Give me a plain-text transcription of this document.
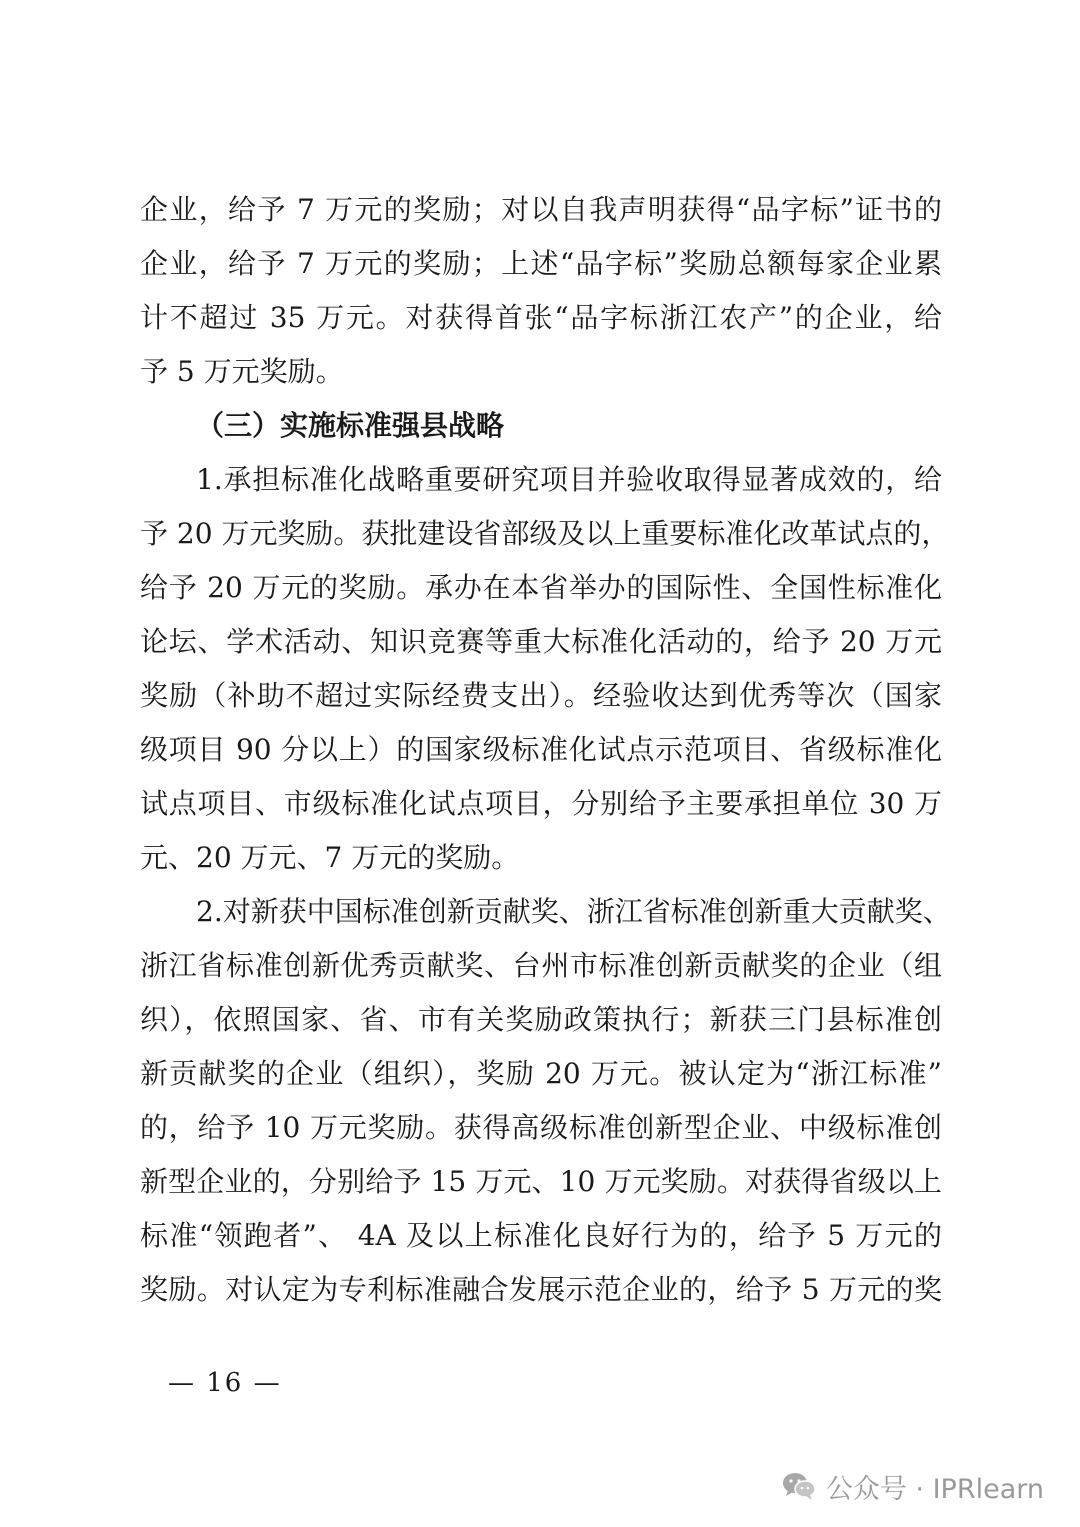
企业，给予 7 万元的奖励；对以自我声明获得“品字标”证书的
企业，给予 7 万元的奖励；上述“品字标”奖励总额每家企业累
计不超过 35 万元。对获得首张“品字标浙江农产”的企业，给
予 5 万元奖励。
（三）实施标准强县战略
1.承担标准化战略重要研究项目并验收取得显著成效的，给
予 20 万元奖励。获批建设省部级及以上重要标准化改革试点的，
给予 20 万元的奖励。承办在本省举办的国际性、全国性标准化
论坛、学术活动、知识竞赛等重大标准化活动的，给予 20 万元
奖励（补助不超过实际经费支出）。经验收达到优秀等次（国家
级项目 90 分以上）的国家级标准化试点示范项目、省级标准化
试点项目、市级标准化试点项目，分别给予主要承担单位 30 万
元、20 万元、7 万元的奖励。
2.对新获中国标准创新贡献奖、浙江省标准创新重大贡献奖、
浙江省标准创新优秀贡献奖、台州市标准创新贡献奖的企业（组
织），依照国家、省、市有关奖励政策执行；新获三门县标准创
新贡献奖的企业（组织），奖励 20 万元。被认定为“浙江标准”
的，给予 10 万元奖励。获得高级标准创新型企业、中级标准创
新型企业的，分别给予 15 万元、10 万元奖励。对获得省级以上
标准“领跑者”、 4A 及以上标准化良好行为的，给予 5 万元的
奖励。对认定为专利标准融合发展示范企业的，给予 5 万元的奖
— 16 —
公众号 · IPRlearn
